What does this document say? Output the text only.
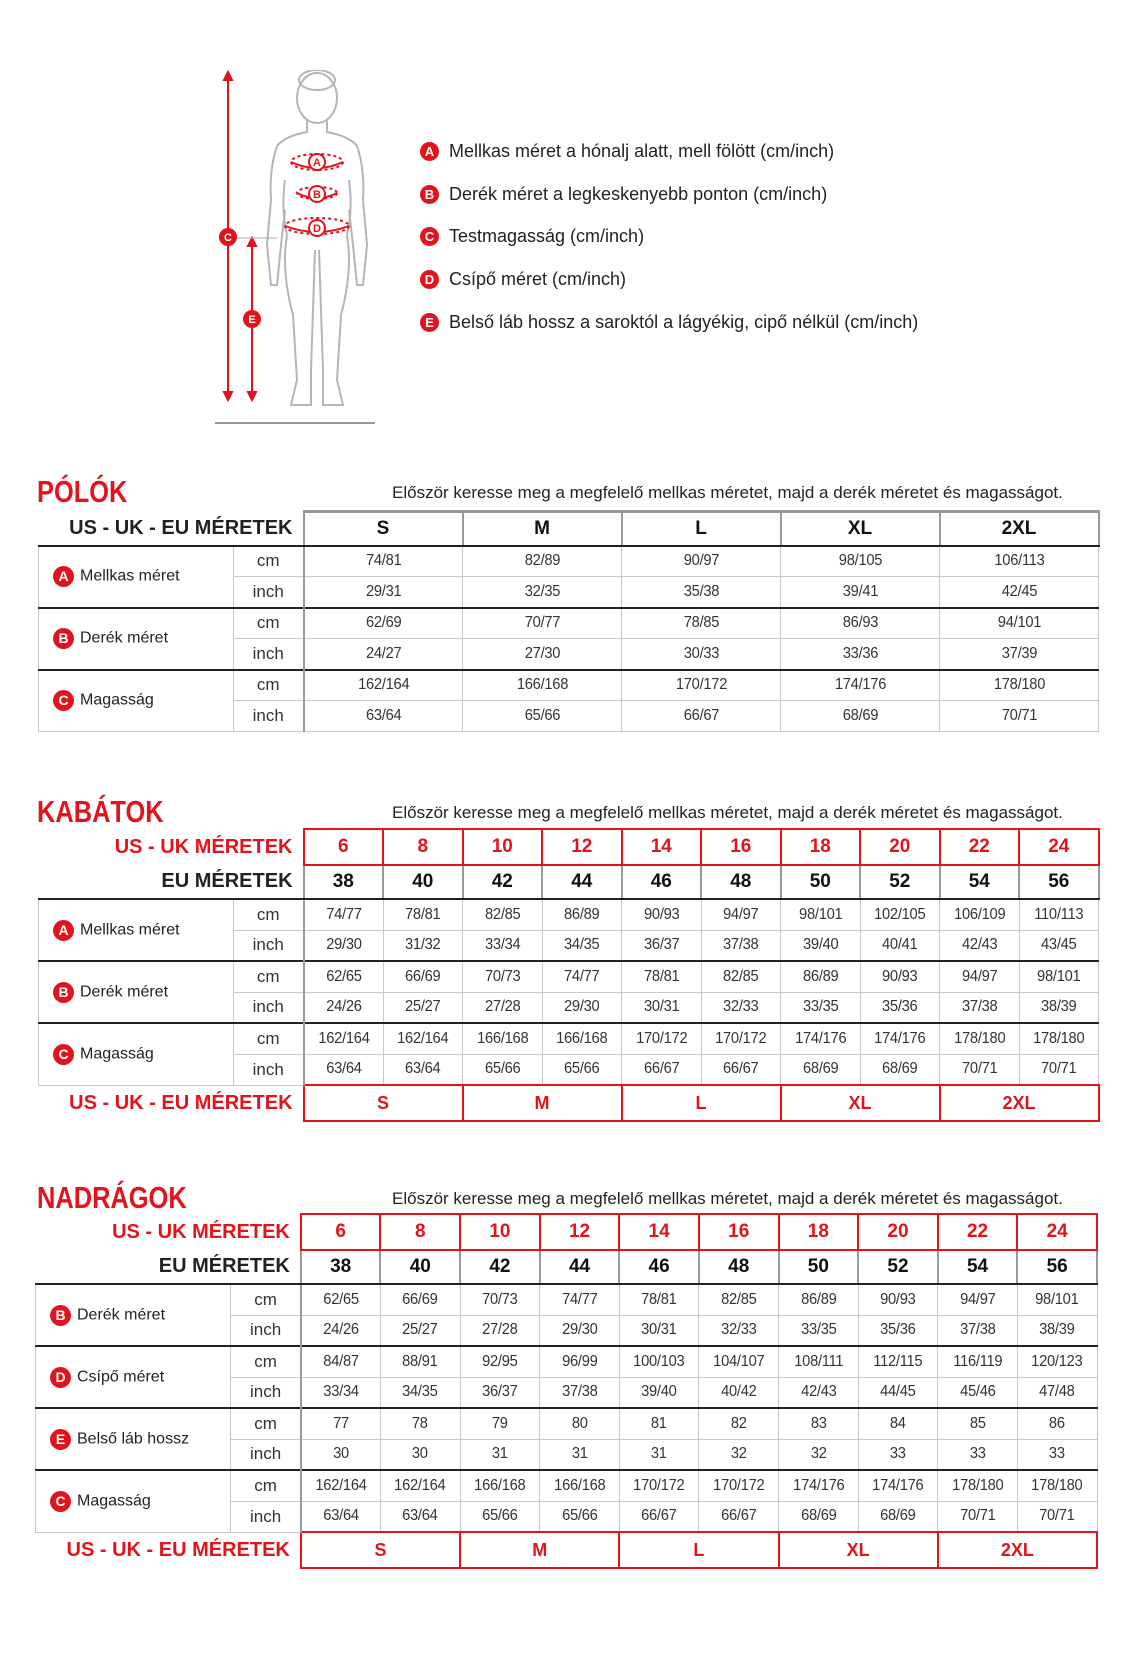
A
B
D
C
E
A Mellkas méret a hónalj alatt, mell fölött (cm/inch)
B Derék méret a legkeskenyebb ponton (cm/inch)
C Testmagasság (cm/inch)
D Csípő méret (cm/inch)
E Belső láb hossz a saroktól a lágyékig, cipő nélkül (cm/inch)
PÓLÓK	Először keresse meg a megfelelő mellkas méretet, majd a derék méretet és magasságot.
US - UK - EU MÉRETEK		S	M	L	XL	2XL
A Mellkas méret	cm	74/81	82/89	90/97	98/105	106/113
	inch	29/31	32/35	35/38	39/41	42/45
B Derék méret	cm	62/69	70/77	78/85	86/93	94/101
	inch	24/27	27/30	30/33	33/36	37/39
C Magasság	cm	162/164	166/168	170/172	174/176	178/180
	inch	63/64	65/66	66/67	68/69	70/71
KABÁTOK	Először keresse meg a megfelelő mellkas méretet, majd a derék méretet és magasságot.
US - UK MÉRETEK		6	8	10	12	14	16	18	20	22	24
EU MÉRETEK		38	40	42	44	46	48	50	52	54	56
A Mellkas méret	cm	74/77	78/81	82/85	86/89	90/93	94/97	98/101	102/105	106/109	110/113
	inch	29/30	31/32	33/34	34/35	36/37	37/38	39/40	40/41	42/43	43/45
B Derék méret	cm	62/65	66/69	70/73	74/77	78/81	82/85	86/89	90/93	94/97	98/101
	inch	24/26	25/27	27/28	29/30	30/31	32/33	33/35	35/36	37/38	38/39
C Magasság	cm	162/164	162/164	166/168	166/168	170/172	170/172	174/176	174/176	178/180	178/180
	inch	63/64	63/64	65/66	65/66	66/67	66/67	68/69	68/69	70/71	70/71
US - UK - EU MÉRETEK		S		M		L		XL		2XL	
NADRÁGOK	Először keresse meg a megfelelő mellkas méretet, majd a derék méretet és magasságot.
US - UK MÉRETEK		6	8	10	12	14	16	18	20	22	24
EU MÉRETEK		38	40	42	44	46	48	50	52	54	56
B Derék méret	cm	62/65	66/69	70/73	74/77	78/81	82/85	86/89	90/93	94/97	98/101
	inch	24/26	25/27	27/28	29/30	30/31	32/33	33/35	35/36	37/38	38/39
D Csípő méret	cm	84/87	88/91	92/95	96/99	100/103	104/107	108/111	112/115	116/119	120/123
	inch	33/34	34/35	36/37	37/38	39/40	40/42	42/43	44/45	45/46	47/48
E Belső láb hossz	cm	77	78	79	80	81	82	83	84	85	86
	inch	30	30	31	31	31	32	32	33	33	33
C Magasság	cm	162/164	162/164	166/168	166/168	170/172	170/172	174/176	174/176	178/180	178/180
	inch	63/64	63/64	65/66	65/66	66/67	66/67	68/69	68/69	70/71	70/71
US - UK - EU MÉRETEK		S		M		L		XL		2XL	
